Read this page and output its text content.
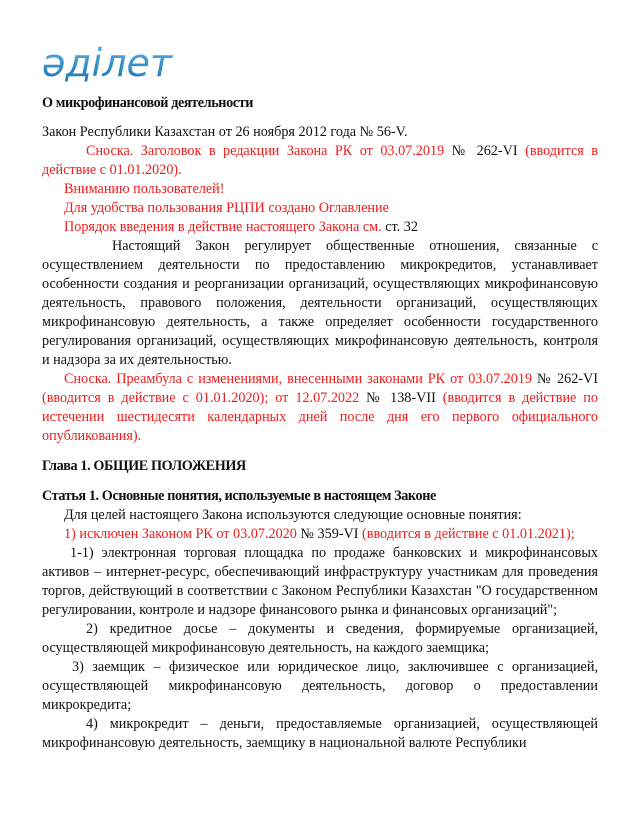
әділет

О микрофинансовой деятельности

Закон Республики Казахстан от 26 ноября 2012 года № 56-V.

Сноска. Заголовок в редакции Закона РК от 03.07.2019 № 262-VI (вводится в действие с 01.01.2020).

Вниманию пользователей!

Для удобства пользования РЦПИ создано Оглавление

Порядок введения в действие настоящего Закона см. ст. 32

Настоящий Закон регулирует общественные отношения, связанные с осуществлением деятельности по предоставлению микрокредитов, устанавливает особенности создания и реорганизации организаций, осуществляющих микрофинансовую деятельность, правового положения, деятельности организаций, осуществляющих микрофинансовую деятельность, а также определяет особенности государственного регулирования организаций, осуществляющих микрофинансовую деятельность, контроля и надзора за их деятельностью.

Сноска. Преамбула с изменениями, внесенными законами РК от 03.07.2019 № 262-VI (вводится в действие с 01.01.2020); от 12.07.2022 № 138-VII (вводится в действие по истечении шестидесяти календарных дней после дня его первого официального опубликования).

Глава 1. ОБЩИЕ ПОЛОЖЕНИЯ

Статья 1. Основные понятия, используемые в настоящем Законе

Для целей настоящего Закона используются следующие основные понятия:

1) исключен Законом РК от 03.07.2020 № 359-VI (вводится в действие с 01.01.2021);

1-1) электронная торговая площадка по продаже банковских и микрофинансовых активов – интернет-ресурс, обеспечивающий инфраструктуру участникам для проведения торгов, действующий в соответствии с Законом Республики Казахстан "О государственном регулировании, контроле и надзоре финансового рынка и финансовых организаций";

2) кредитное досье – документы и сведения, формируемые организацией, осуществляющей микрофинансовую деятельность, на каждого заемщика;

3) заемщик – физическое или юридическое лицо, заключившее с организацией, осуществляющей микрофинансовую деятельность, договор о предоставлении микрокредита;

4) микрокредит – деньги, предоставляемые организацией, осуществляющей микрофинансовую деятельность, заемщику в национальной валюте Республики
